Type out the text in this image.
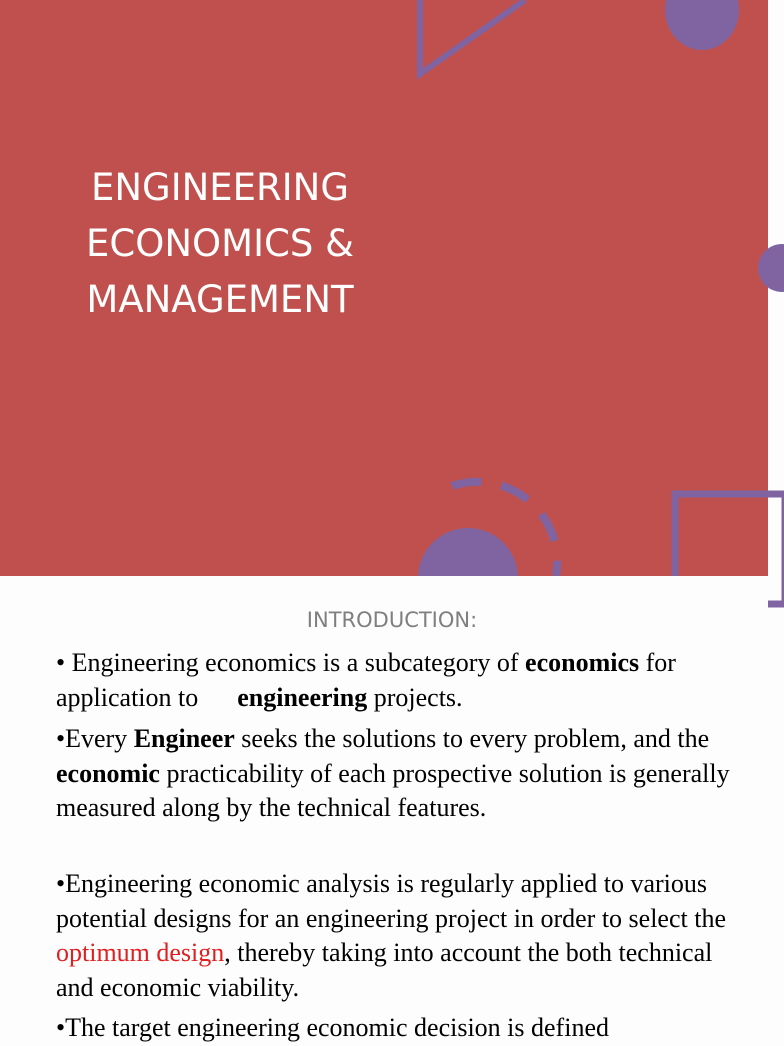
ENGINEERING
ECONOMICS &
MANAGEMENT
INTRODUCTION:
• Engineering economics is a subcategory of economics for application to      engineering projects.
•Every Engineer seeks the solutions to every problem, and the economic practicability of each prospective solution is generally measured along by the technical features.
•Engineering economic analysis is regularly applied to various potential designs for an engineering project in order to select the optimum design, thereby taking into account the both technical and economic viability.
•The target engineering economic decision is defined
